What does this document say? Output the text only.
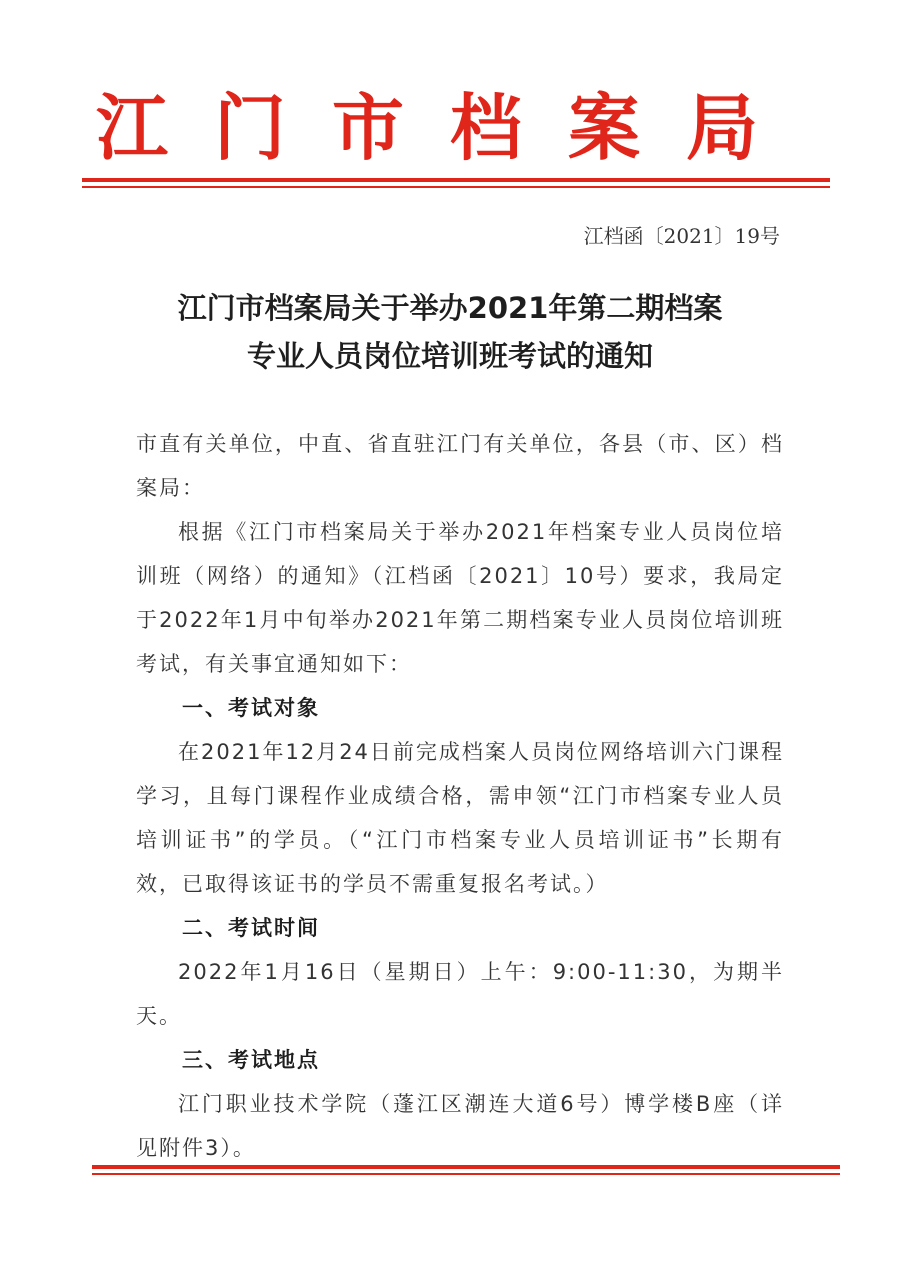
江门市档案局
江档函〔2021〕19号
江门市档案局关于举办2021年第二期档案
专业人员岗位培训班考试的通知

市直有关单位，中直、省直驻江门有关单位，各县（市、区）档案局：

根据《江门市档案局关于举办2021年档案专业人员岗位培训班（网络）的通知》（江档函〔2021〕10号）要求，我局定于2022年1月中旬举办2021年第二期档案专业人员岗位培训班考试，有关事宜通知如下：

一、考试对象

在2021年12月24日前完成档案人员岗位网络培训六门课程学习，且每门课程作业成绩合格，需申领“江门市档案专业人员培训证书”的学员。（“江门市档案专业人员培训证书”长期有效，已取得该证书的学员不需重复报名考试。）

二、考试时间

2022年1月16日（星期日）上午：9:00-11:30，为期半天。

三、考试地点

江门职业技术学院（蓬江区潮连大道6号）博学楼B座（详见附件3）。
